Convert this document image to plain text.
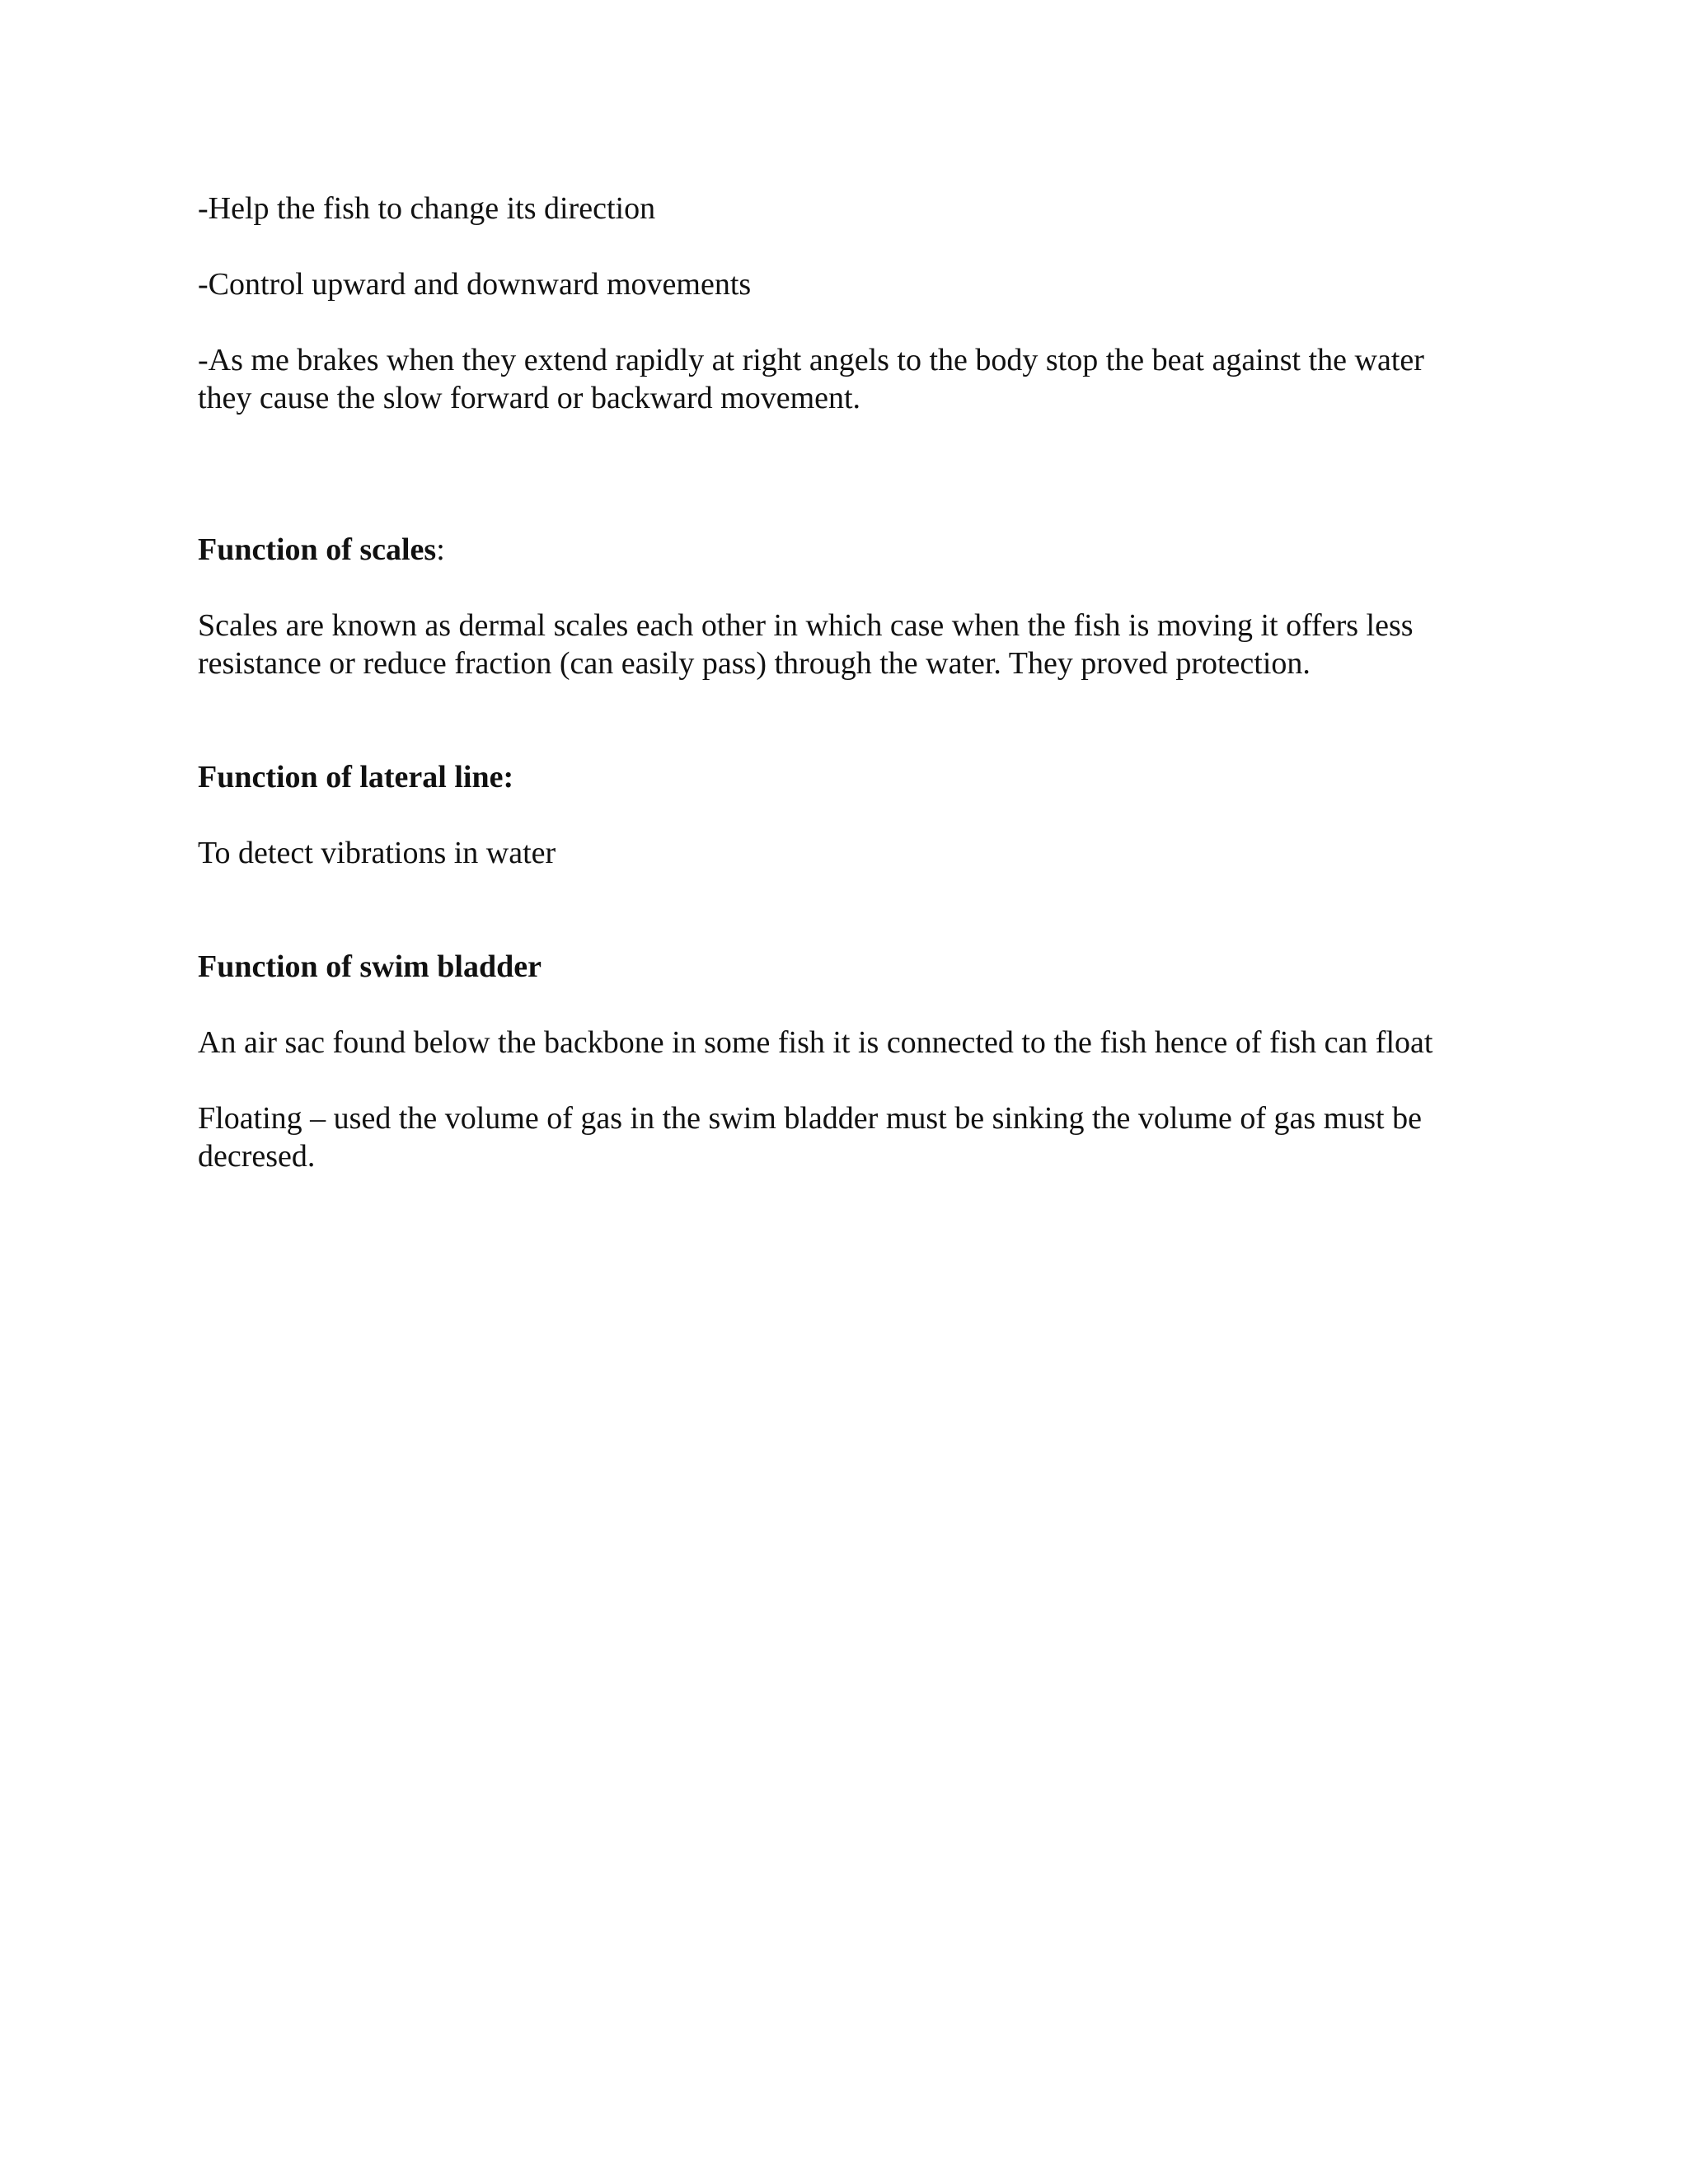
-Help the fish to change its direction

-Control upward and downward movements

-As me brakes when they extend rapidly at right angels to the body stop the beat against the water they cause the slow forward or backward movement.

Function of scales:

Scales are known as dermal scales each other in which case when the fish is moving it offers less resistance or reduce fraction (can easily pass) through the water. They proved protection.

Function of lateral line:

To detect vibrations in water

Function of swim bladder

An air sac found below the backbone in some fish it is connected to the fish hence of fish can float

Floating – used the volume of gas in the swim bladder must be sinking the volume of gas must be decresed.
